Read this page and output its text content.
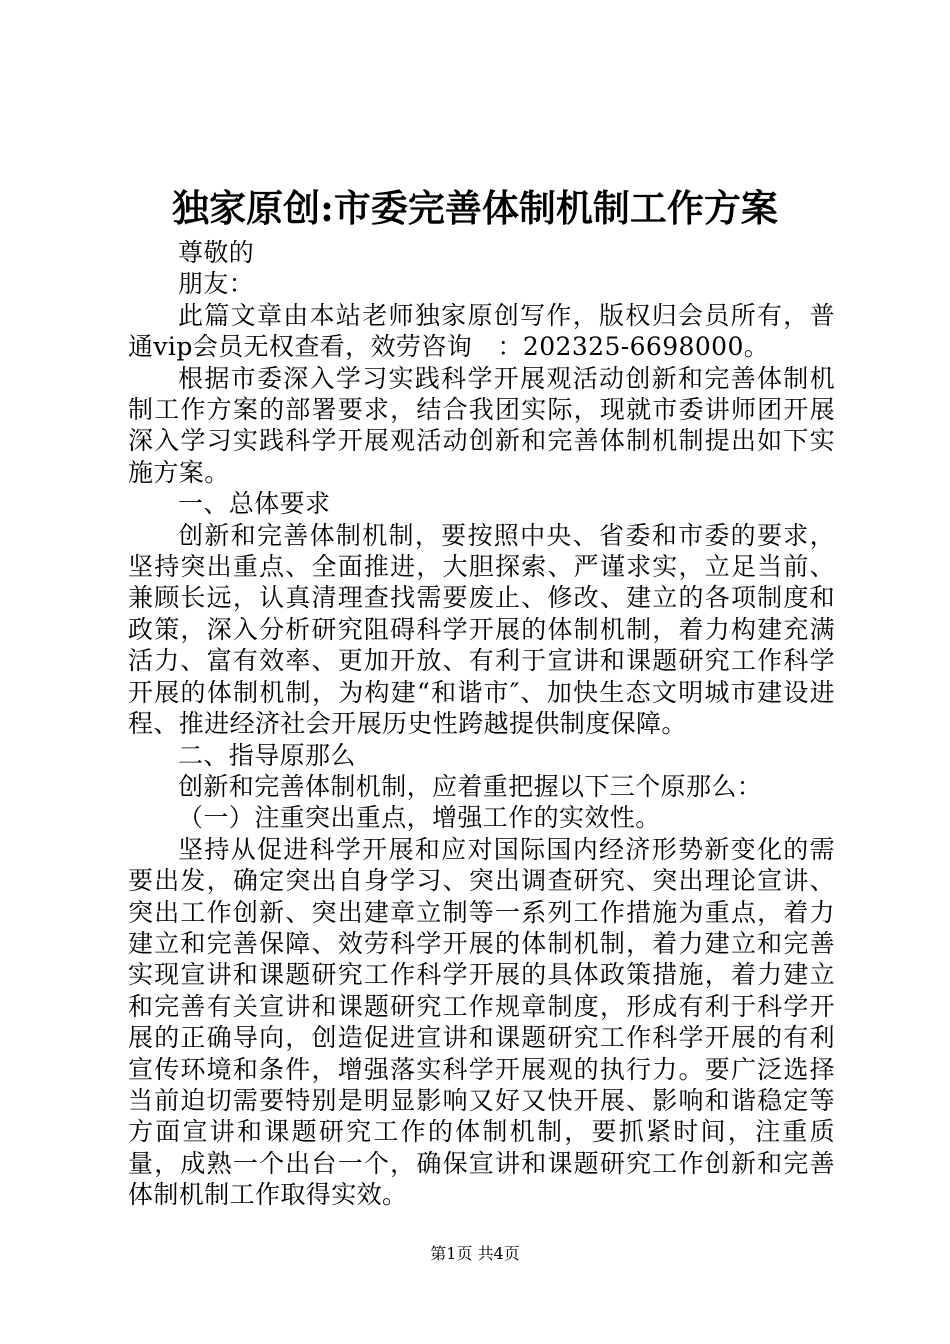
独家原创:市委完善体制机制工作方案

尊敬的

朋友：

此篇文章由本站老师独家原创写作，版权归会员所有，普通vip会员无权查看，效劳咨询　：202325-6698000。

根据市委深入学习实践科学开展观活动创新和完善体制机制工作方案的部署要求，结合我团实际，现就市委讲师团开展深入学习实践科学开展观活动创新和完善体制机制提出如下实施方案。

一、总体要求

创新和完善体制机制，要按照中央、省委和市委的要求，坚持突出重点、全面推进，大胆探索、严谨求实，立足当前、兼顾长远，认真清理查找需要废止、修改、建立的各项制度和政策，深入分析研究阻碍科学开展的体制机制，着力构建充满活力、富有效率、更加开放、有利于宣讲和课题研究工作科学开展的体制机制，为构建“和谐市″、加快生态文明城市建设进程、推进经济社会开展历史性跨越提供制度保障。

二、指导原那么

创新和完善体制机制，应着重把握以下三个原那么：

（一）注重突出重点，增强工作的实效性。

坚持从促进科学开展和应对国际国内经济形势新变化的需要出发，确定突出自身学习、突出调查研究、突出理论宣讲、突出工作创新、突出建章立制等一系列工作措施为重点，着力建立和完善保障、效劳科学开展的体制机制，着力建立和完善实现宣讲和课题研究工作科学开展的具体政策措施，着力建立和完善有关宣讲和课题研究工作规章制度，形成有利于科学开展的正确导向，创造促进宣讲和课题研究工作科学开展的有利宣传环境和条件，增强落实科学开展观的执行力。要广泛选择当前迫切需要特别是明显影响又好又快开展、影响和谐稳定等方面宣讲和课题研究工作的体制机制，要抓紧时间，注重质量，成熟一个出台一个，确保宣讲和课题研究工作创新和完善体制机制工作取得实效。

第1页 共4页
